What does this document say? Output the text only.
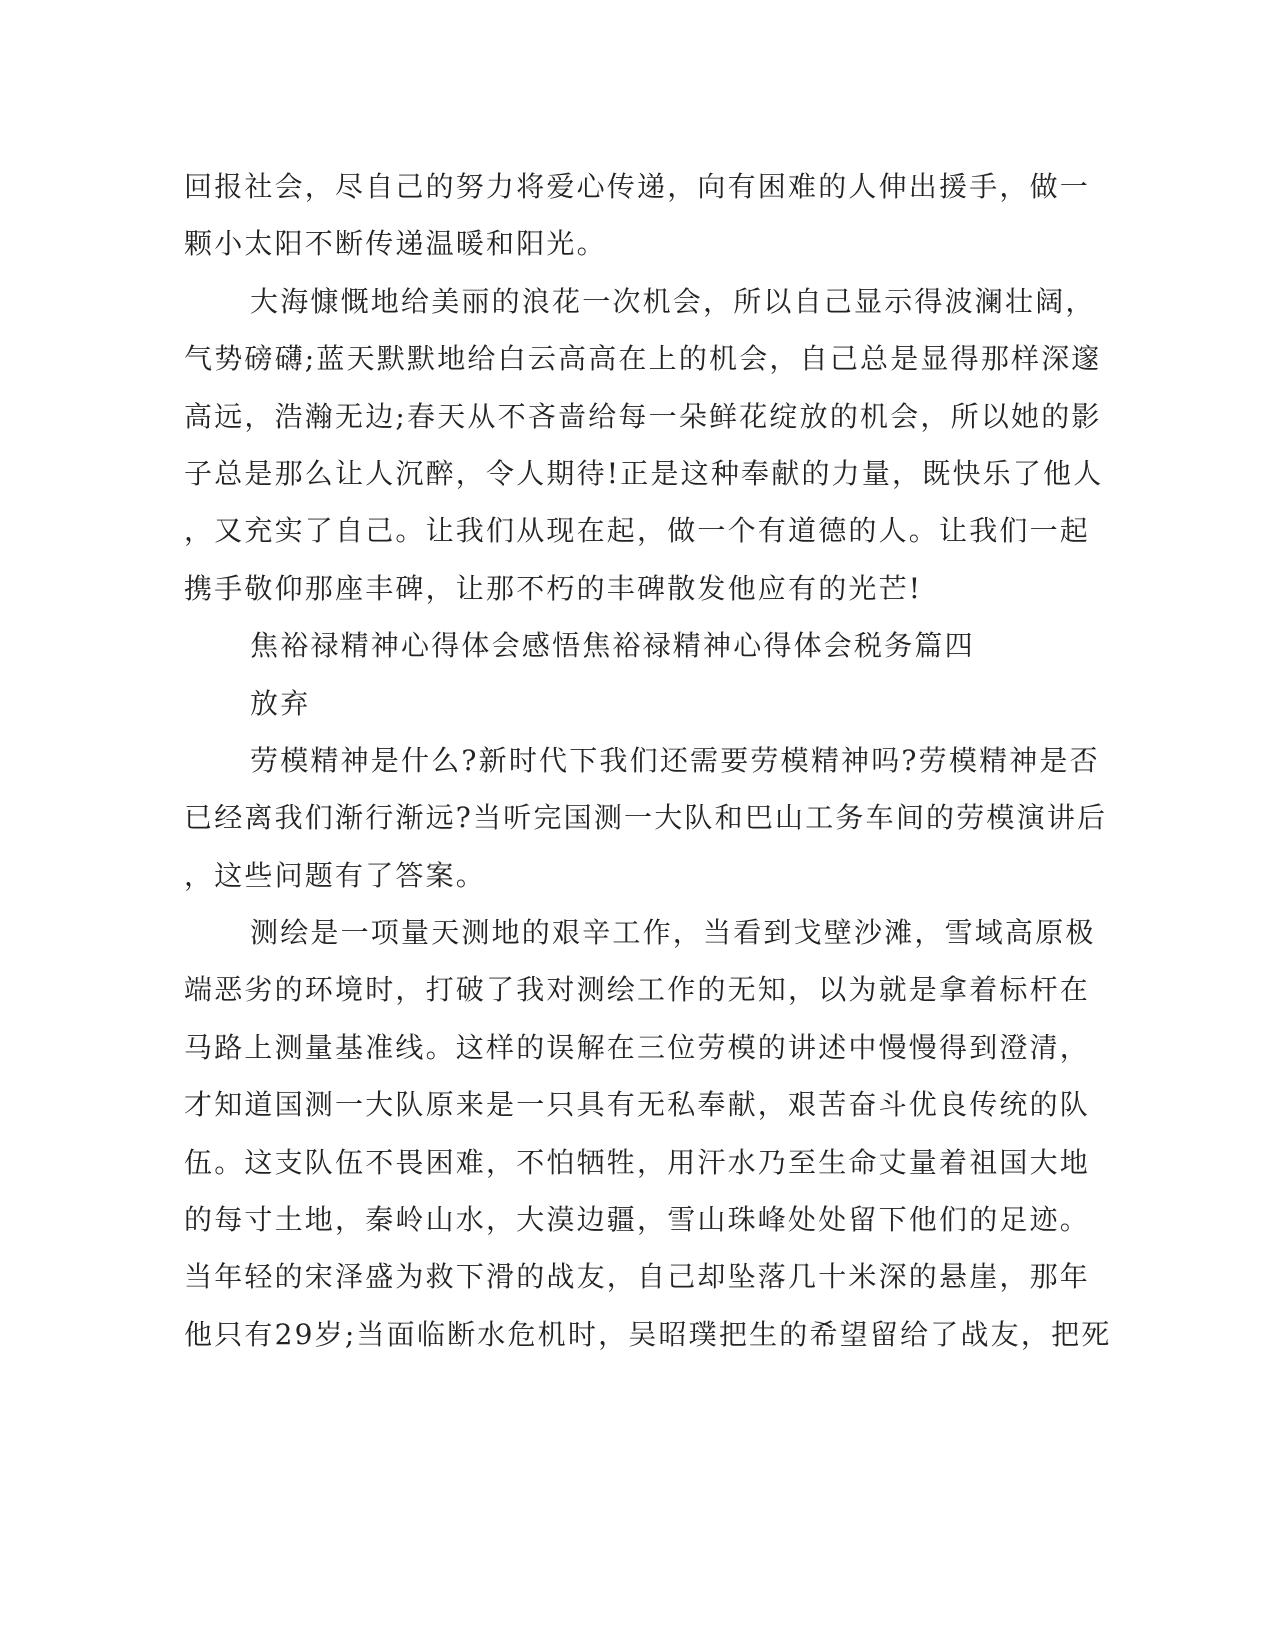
回报社会，尽自己的努力将爱心传递，向有困难的人伸出援手，做一
颗小太阳不断传递温暖和阳光。
大海慷慨地给美丽的浪花一次机会，所以自己显示得波澜壮阔，
气势磅礴;蓝天默默地给白云高高在上的机会，自己总是显得那样深邃
高远，浩瀚无边;春天从不吝啬给每一朵鲜花绽放的机会，所以她的影
子总是那么让人沉醉，令人期待!正是这种奉献的力量，既快乐了他人
，又充实了自己。让我们从现在起，做一个有道德的人。让我们一起
携手敬仰那座丰碑，让那不朽的丰碑散发他应有的光芒!
焦裕禄精神心得体会感悟焦裕禄精神心得体会税务篇四
放弃
劳模精神是什么?新时代下我们还需要劳模精神吗?劳模精神是否
已经离我们渐行渐远?当听完国测一大队和巴山工务车间的劳模演讲后
，这些问题有了答案。
测绘是一项量天测地的艰辛工作，当看到戈壁沙滩，雪域高原极
端恶劣的环境时，打破了我对测绘工作的无知，以为就是拿着标杆在
马路上测量基准线。这样的误解在三位劳模的讲述中慢慢得到澄清，
才知道国测一大队原来是一只具有无私奉献，艰苦奋斗优良传统的队
伍。这支队伍不畏困难，不怕牺牲，用汗水乃至生命丈量着祖国大地
的每寸土地，秦岭山水，大漠边疆，雪山珠峰处处留下他们的足迹。
当年轻的宋泽盛为救下滑的战友，自己却坠落几十米深的悬崖，那年
他只有29岁;当面临断水危机时，吴昭璞把生的希望留给了战友，把死
